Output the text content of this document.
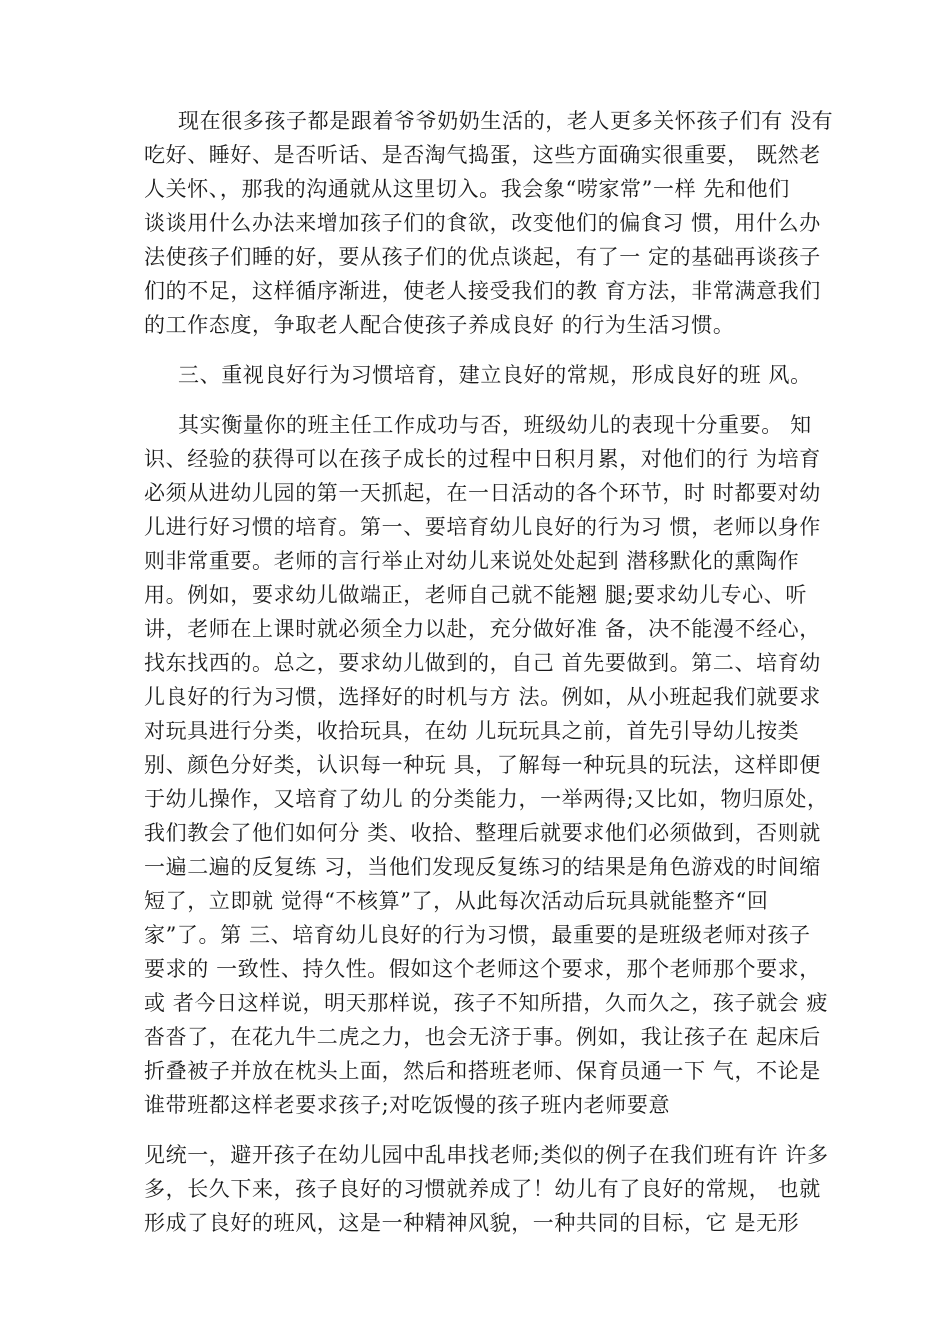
现在很多孩子都是跟着爷爷奶奶生活的，老人更多关怀孩子们有 没有
吃好、睡好、是否听话、是否淘气捣蛋，这些方面确实很重要， 既然老
人关怀、，那我的沟通就从这里切入。我会象“唠家常”一样 先和他们
谈谈用什么办法来增加孩子们的食欲，改变他们的偏食习 惯，用什么办
法使孩子们睡的好，要从孩子们的优点谈起，有了一 定的基础再谈孩子
们的不足，这样循序渐进，使老人接受我们的教 育方法，非常满意我们
的工作态度，争取老人配合使孩子养成良好 的行为生活习惯。
三、重视良好行为习惯培育，建立良好的常规，形成良好的班 风。
其实衡量你的班主任工作成功与否，班级幼儿的表现十分重要。 知
识、经验的获得可以在孩子成长的过程中日积月累，对他们的行 为培育
必须从进幼儿园的第一天抓起，在一日活动的各个环节，时 时都要对幼
儿进行好习惯的培育。第一、要培育幼儿良好的行为习 惯，老师以身作
则非常重要。老师的言行举止对幼儿来说处处起到 潜移默化的熏陶作
用。例如，要求幼儿做端正，老师自己就不能翘 腿;要求幼儿专心、听
讲，老师在上课时就必须全力以赴，充分做好准 备，决不能漫不经心，
找东找西的。总之，要求幼儿做到的，自己 首先要做到。第二、培育幼
儿良好的行为习惯，选择好的时机与方 法。例如，从小班起我们就要求
对玩具进行分类，收拾玩具，在幼 儿玩玩具之前，首先引导幼儿按类
别、颜色分好类，认识每一种玩 具，了解每一种玩具的玩法，这样即便
于幼儿操作，又培育了幼儿 的分类能力，一举两得;又比如，物归原处，
我们教会了他们如何分 类、收拾、整理后就要求他们必须做到，否则就
一遍二遍的反复练 习，当他们发现反复练习的结果是角色游戏的时间缩
短了，立即就 觉得“不核算”了，从此每次活动后玩具就能整齐“回
家”了。第 三、培育幼儿良好的行为习惯，最重要的是班级老师对孩子
要求的 一致性、持久性。假如这个老师这个要求，那个老师那个要求，
或 者今日这样说，明天那样说，孩子不知所措，久而久之，孩子就会 疲
沓沓了，在花九牛二虎之力，也会无济于事。例如，我让孩子在 起床后
折叠被子并放在枕头上面，然后和搭班老师、保育员通一下 气，不论是
谁带班都这样老要求孩子;对吃饭慢的孩子班内老师要意
见统一，避开孩子在幼儿园中乱串找老师;类似的例子在我们班有许 许多
多，长久下来，孩子良好的习惯就养成了！幼儿有了良好的常规， 也就
形成了良好的班风，这是一种精神风貌，一种共同的目标，它 是无形
